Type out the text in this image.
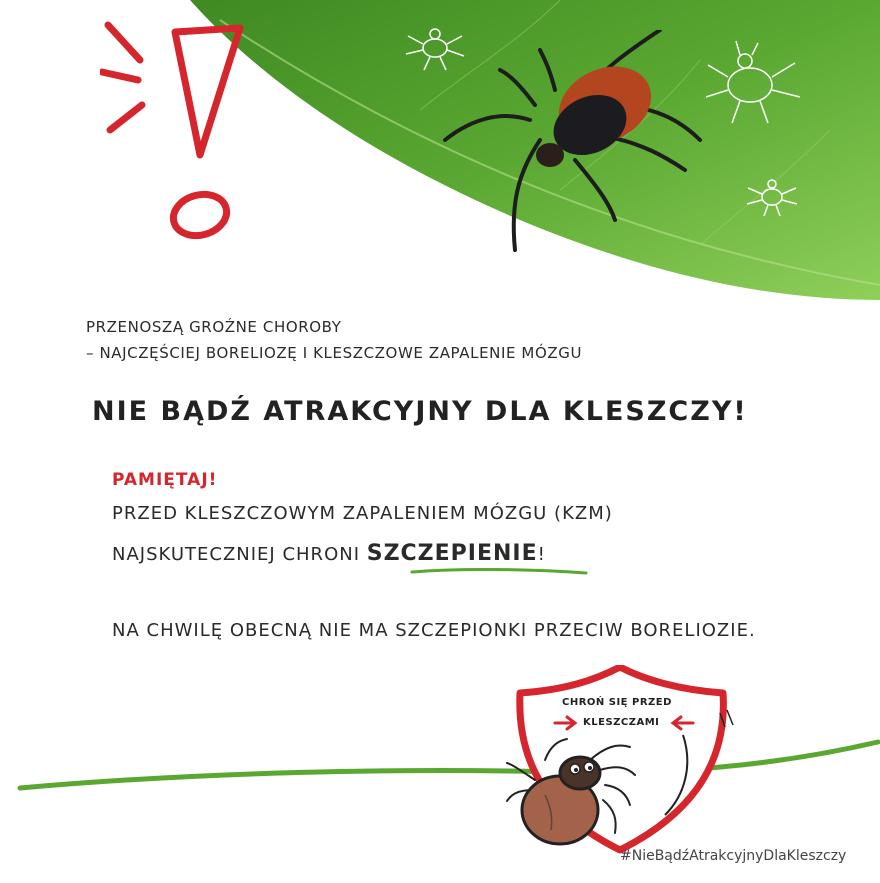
PRZENOSZĄ GROŹNE CHOROBY
– NAJCZĘŚCIEJ BORELIOZĘ I KLESZCZOWE ZAPALENIE MÓZGU
NIE BĄDŹ ATRAKCYJNY DLA KLESZCZY!
PAMIĘTAJ!
PRZED KLESZCZOWYM ZAPALENIEM MÓZGU (KZM)
NAJSKUTECZNIEJ CHRONI SZCZEPIENIE!
NA CHWILĘ OBECNĄ NIE MA SZCZEPIONKI PRZECIW BORELIOZIE.
CHROŃ SIĘ PRZED
KLESZCZAMI
#NieBądźAtrakcyjnyDlaKleszczy
